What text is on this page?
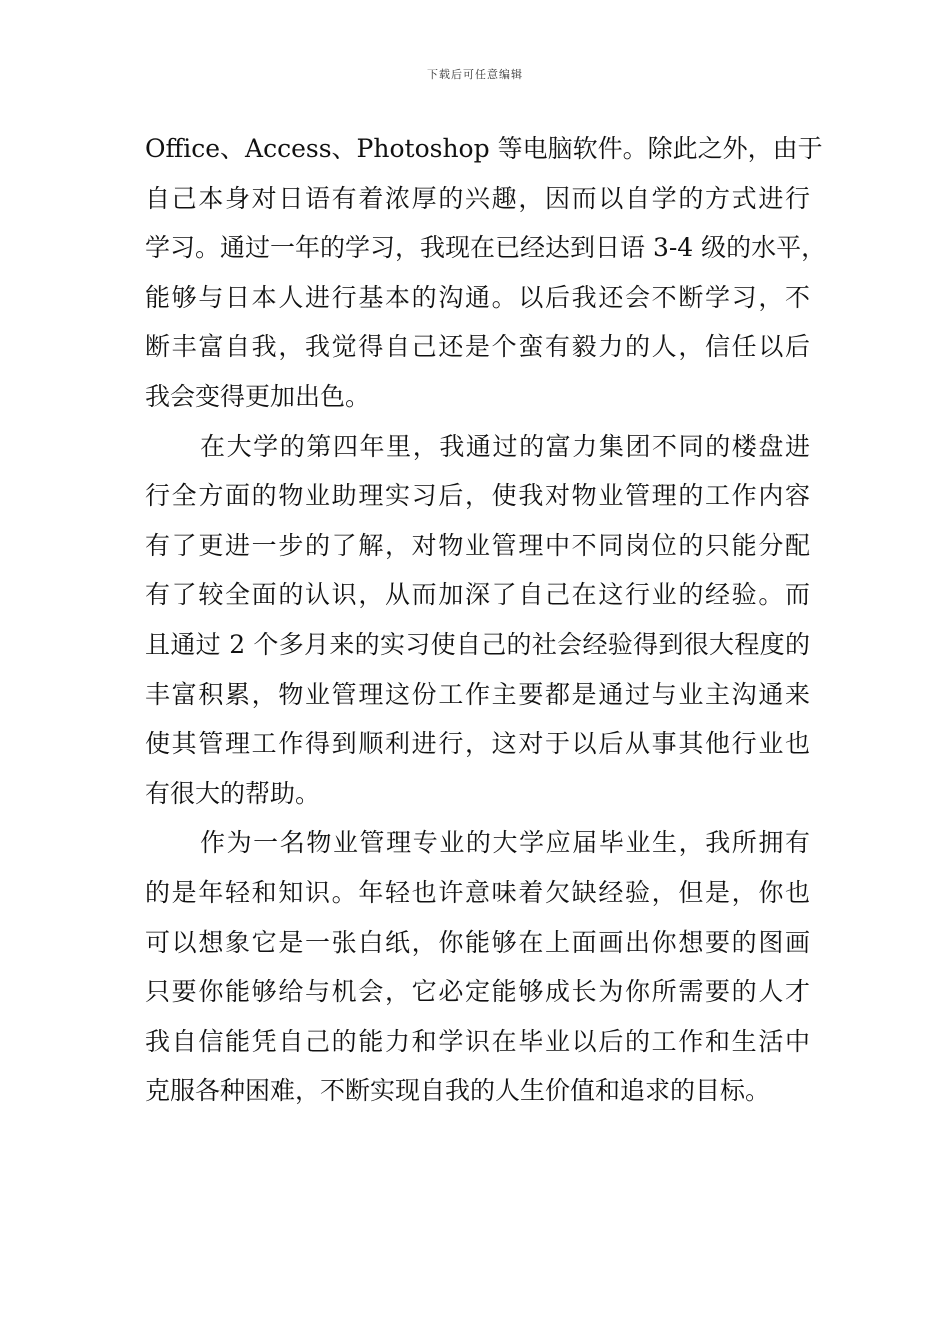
下载后可任意编辑
Office、Access、Photoshop 等电脑软件。除此之外，由于
自己本身对日语有着浓厚的兴趣，因而以自学的方式进行
学习。通过一年的学习，我现在已经达到日语 3-4 级的水平，
能够与日本人进行基本的沟通。以后我还会不断学习，不
断丰富自我，我觉得自己还是个蛮有毅力的人，信任以后
我会变得更加出色。
在大学的第四年里，我通过的富力集团不同的楼盘进
行全方面的物业助理实习后，使我对物业管理的工作内容
有了更进一步的了解，对物业管理中不同岗位的只能分配
有了较全面的认识，从而加深了自己在这行业的经验。而
且通过 2 个多月来的实习使自己的社会经验得到很大程度的
丰富积累，物业管理这份工作主要都是通过与业主沟通来
使其管理工作得到顺利进行，这对于以后从事其他行业也
有很大的帮助。
作为一名物业管理专业的大学应届毕业生，我所拥有
的是年轻和知识。年轻也许意味着欠缺经验，但是，你也
可以想象它是一张白纸，你能够在上面画出你想要的图画
只要你能够给与机会，它必定能够成长为你所需要的人才
我自信能凭自己的能力和学识在毕业以后的工作和生活中
克服各种困难，不断实现自我的人生价值和追求的目标。
